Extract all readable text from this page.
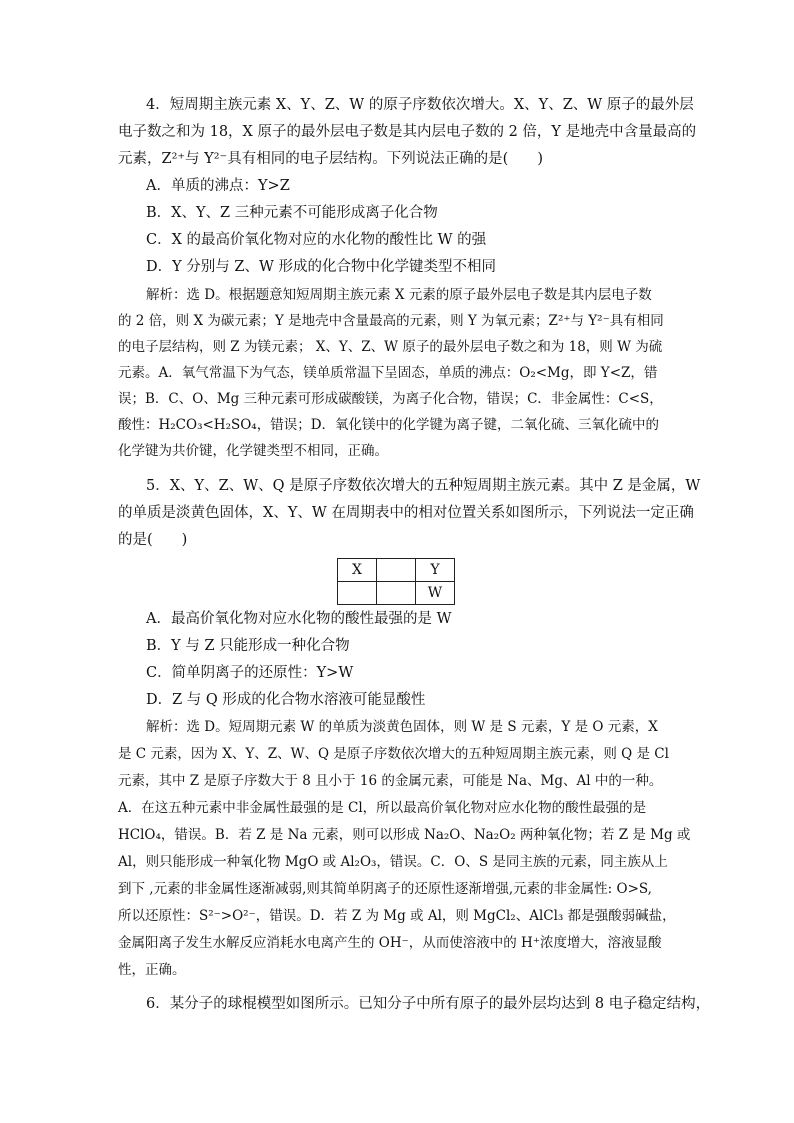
4．短周期主族元素 X、Y、Z、W 的原子序数依次增大。X、Y、Z、W 原子的最外层
电子数之和为 18，X 原子的最外层电子数是其内层电子数的 2 倍，Y 是地壳中含量最高的
元素，Z²⁺与 Y²⁻具有相同的电子层结构。下列说法正确的是(　　)
A．单质的沸点：Y>Z
B．X、Y、Z 三种元素不可能形成离子化合物
C．X 的最高价氧化物对应的水化物的酸性比 W 的强
D．Y 分别与 Z、W 形成的化合物中化学键类型不相同
解析：选 D。根据题意知短周期主族元素 X 元素的原子最外层电子数是其内层电子数
的 2 倍，则 X 为碳元素；Y 是地壳中含量最高的元素，则 Y 为氧元素；Z²⁺与 Y²⁻具有相同
的电子层结构，则 Z 为镁元素； X、Y、Z、W 原子的最外层电子数之和为 18，则 W 为硫
元素。A．氧气常温下为气态，镁单质常温下呈固态，单质的沸点：O₂<Mg，即 Y<Z，错
误；B．C、O、Mg 三种元素可形成碳酸镁，为离子化合物，错误；C．非金属性：C<S，
酸性：H₂CO₃<H₂SO₄，错误；D．氧化镁中的化学键为离子键，二氧化硫、三氧化硫中的
化学键为共价键，化学键类型不相同，正确。
5．X、Y、Z、W、Q 是原子序数依次增大的五种短周期主族元素。其中 Z 是金属，W
的单质是淡黄色固体，X、Y、W 在周期表中的相对位置关系如图所示，下列说法一定正确
的是(　　)
X		Y
		W
A．最高价氧化物对应水化物的酸性最强的是 W
B．Y 与 Z 只能形成一种化合物
C．简单阴离子的还原性：Y>W
D．Z 与 Q 形成的化合物水溶液可能显酸性
解析：选 D。短周期元素 W 的单质为淡黄色固体，则 W 是 S 元素，Y 是 O 元素，X
是 C 元素，因为 X、Y、Z、W、Q 是原子序数依次增大的五种短周期主族元素，则 Q 是 Cl
元素，其中 Z 是原子序数大于 8 且小于 16 的金属元素，可能是 Na、Mg、Al 中的一种。
A．在这五种元素中非金属性最强的是 Cl，所以最高价氧化物对应水化物的酸性最强的是
HClO₄，错误。B．若 Z 是 Na 元素，则可以形成 Na₂O、Na₂O₂ 两种氧化物；若 Z 是 Mg 或
Al，则只能形成一种氧化物 MgO 或 Al₂O₃，错误。C．O、S 是同主族的元素，同主族从上
到下 ,元素的非金属性逐渐减弱,则其简单阴离子的还原性逐渐增强,元素的非金属性: O>S,
所以还原性：S²⁻>O²⁻，错误。D．若 Z 为 Mg 或 Al，则 MgCl₂、AlCl₃ 都是强酸弱碱盐，
金属阳离子发生水解反应消耗水电离产生的 OH⁻，从而使溶液中的 H⁺浓度增大，溶液显酸
性，正确。
6．某分子的球棍模型如图所示。已知分子中所有原子的最外层均达到 8 电子稳定结构，
